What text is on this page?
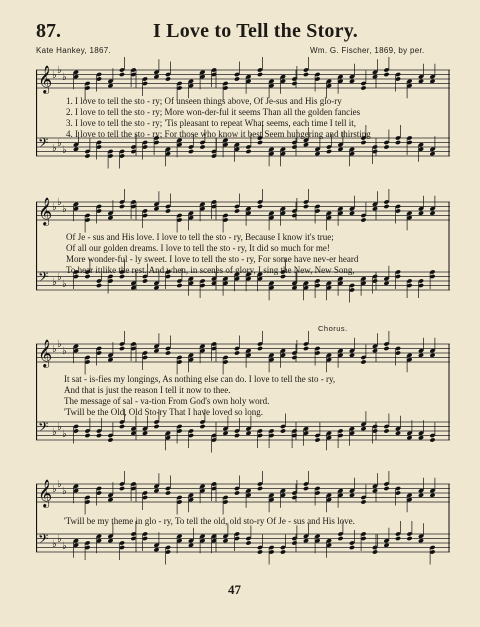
87.	I Love to Tell the Story.
Kate Hankey, 1867.	Wm. G. Fischer, 1869, by per.
𝄞 ♭ ♭
♭
𝄢 ♭ ♭
♭
1. I love to tell the sto - ry; Of unseen things above, Of Je-sus and His glo-ry
2. I love to tell the sto - ry; More won-der-ful it seems Than all the golden fancies
3. I love to tell the sto - ry; 'Tis pleasant to repeat What seems, each time I tell it,
4. I love to tell the sto - ry; For those who know it best Seem hungering and thirsting
𝄞 ♭ ♭
♭
𝄢 ♭ ♭
♭
Of Je - sus and His love. I love to tell the sto - ry, Because I know it's true;
Of all our golden dreams. I love to tell the sto - ry, It did so much for me!
More wonder-ful - ly sweet. I love to tell the sto - ry, For some have nev-er heard
To hear it like the rest. And when, in scenes of glory, I sing the New, New Song,
Chorus.
𝄞 ♭ ♭
♭
𝄢 ♭ ♭
♭
It sat - is-fies my longings, As nothing else can do. I love to tell the sto - ry,
And that is just the reason I tell it now to thee.
The message of sal - va-tion From God's own holy word.
'Twill be the Old, Old Sto-ry That I have loved so long.
𝄞 ♭ ♭
♭
𝄢 ♭ ♭
♭
'Twill be my theme in glo - ry, To tell the old, old sto-ry Of Je - sus and His love.
47
